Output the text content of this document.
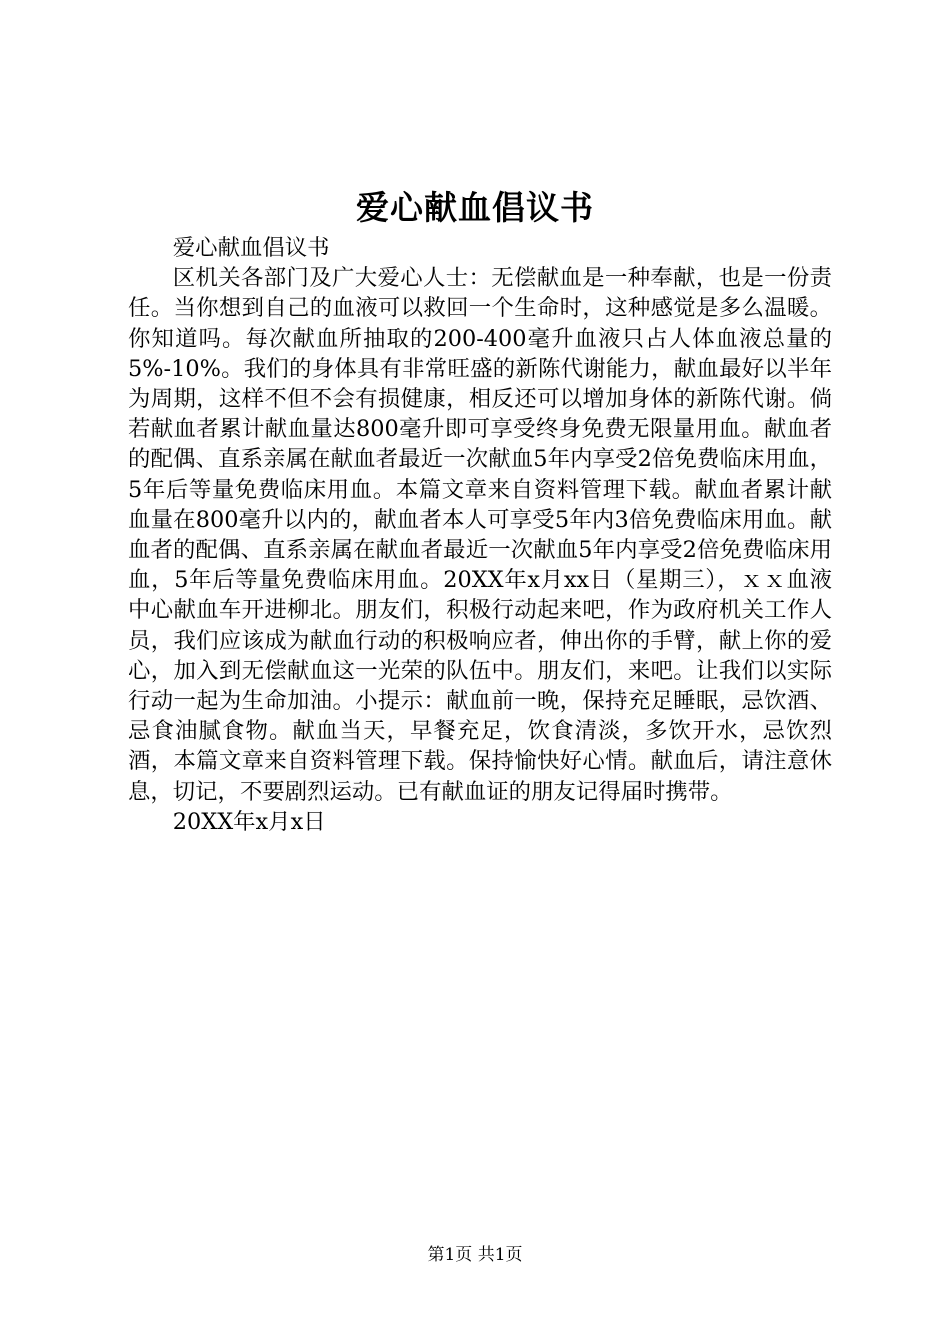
爱心献血倡议书

爱心献血倡议书

区机关各部门及广大爱心人士：无偿献血是一种奉献，也是一份责任。当你想到自己的血液可以救回一个生命时，这种感觉是多么温暖。你知道吗。每次献血所抽取的200-400毫升血液只占人体血液总量的5%-10%。我们的身体具有非常旺盛的新陈代谢能力，献血最好以半年为周期，这样不但不会有损健康，相反还可以增加身体的新陈代谢。倘若献血者累计献血量达800毫升即可享受终身免费无限量用血。献血者的配偶、直系亲属在献血者最近一次献血5年内享受2倍免费临床用血，5年后等量免费临床用血。本篇文章来自资料管理下载。献血者累计献血量在800毫升以内的，献血者本人可享受5年内3倍免费临床用血。献血者的配偶、直系亲属在献血者最近一次献血5年内享受2倍免费临床用血，5年后等量免费临床用血。20XX年x月xx日（星期三），ｘｘ血液中心献血车开进柳北。朋友们，积极行动起来吧，作为政府机关工作人员，我们应该成为献血行动的积极响应者，伸出你的手臂，献上你的爱心，加入到无偿献血这一光荣的队伍中。朋友们，来吧。让我们以实际行动一起为生命加油。小提示：献血前一晚，保持充足睡眠，忌饮酒、忌食油腻食物。献血当天，早餐充足，饮食清淡，多饮开水，忌饮烈酒，本篇文章来自资料管理下载。保持愉快好心情。献血后，请注意休息，切记，不要剧烈运动。已有献血证的朋友记得届时携带。

20XX年x月x日

第1页 共1页
